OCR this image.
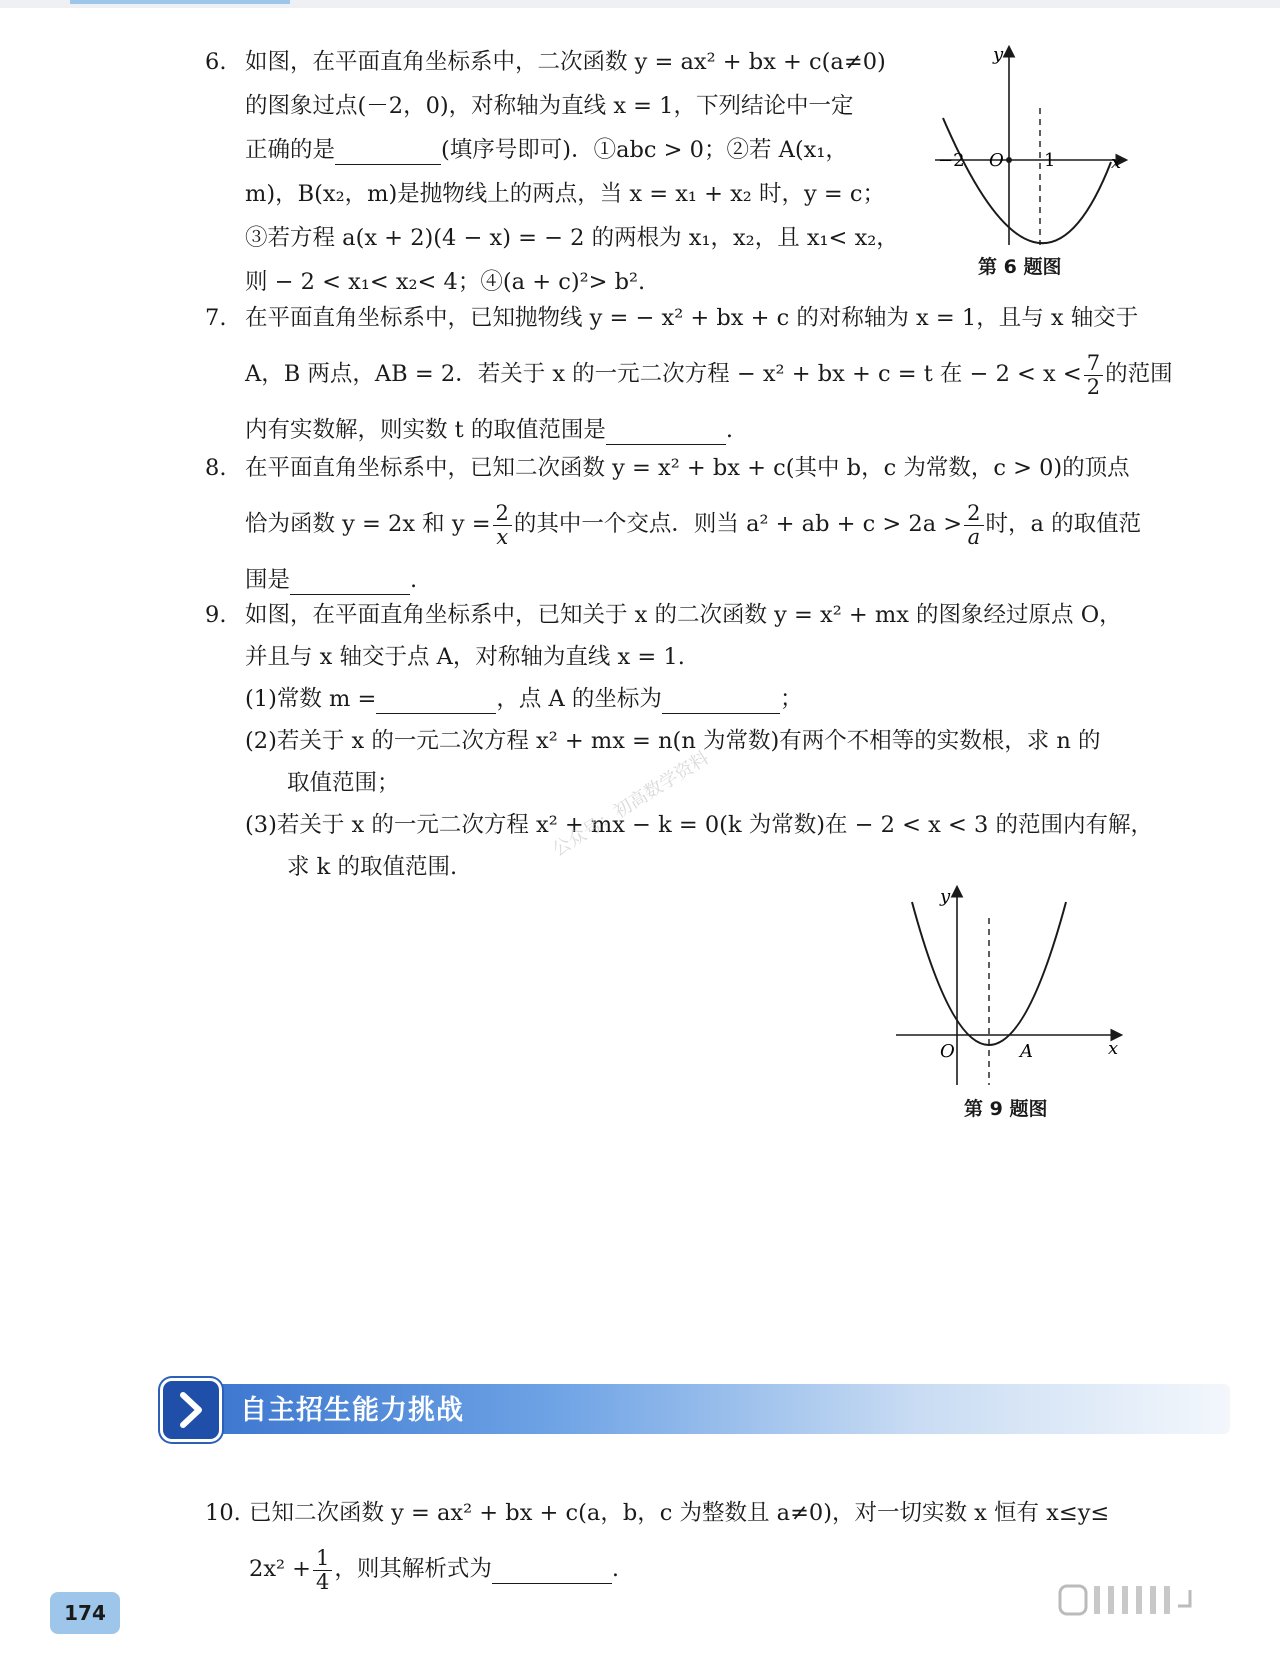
6. 如图，在平面直角坐标系中，二次函数 y = ax² + bx + c(a≠0)
的图象过点(－2，0)，对称轴为直线 x = 1，下列结论中一定
正确的是	(填序号即可)．①abc > 0；②若 A(x₁，
m)，B(x₂，m)是抛物线上的两点，当 x = x₁ + x₂ 时，y = c；
③若方程 a(x + 2)(4 − x) = − 2 的两根为 x₁，x₂，且 x₁< x₂，
则 − 2 < x₁< x₂< 4；④(a + c)²> b².
y
x
O
−2	1
第 6 题图
7. 在平面直角坐标系中，已知抛物线 y = − x² + bx + c 的对称轴为 x = 1，且与 x 轴交于
A，B 两点，AB = 2．若关于 x 的一元二次方程 − x² + bx + c = t 在 − $2 < x < \frac{7}{2}$ 的范围
内有实数解，则实数 t 的取值范围是	.
8. 在平面直角坐标系中，已知二次函数 y = x² + bx + c(其中 b，c 为常数，c > 0)的顶点
恰为函数 y = 2x 和 $y = \frac{2}{x}$ 的其中一个交点．则当 a² + ab + $c > 2a > \frac{2}{a}$ 时，a 的取值范
围是	.
9. 如图，在平面直角坐标系中，已知关于 x 的二次函数 y = x² + mx 的图象经过原点 O，
并且与 x 轴交于点 A，对称轴为直线 x = 1.
(1)常数 m =	，点 A 的坐标为	；
(2)若关于 x 的一元二次方程 x² + mx = n(n 为常数)有两个不相等的实数根，求 n 的
取值范围；
(3)若关于 x 的一元二次方程 x² + mx − k = 0(k 为常数)在 − 2 < x < 3 的范围内有解，
求 k 的取值范围.
公众号：初高数学资料
y
x
O	A
第 9 题图
自主招生能力挑战
10. 已知二次函数 y = ax² + bx + c(a，b，c 为整数且 a≠0)，对一切实数 x 恒有 x≤y≤
$2x^2 + \frac{1}{4}$ ，则其解析式为	.
174
